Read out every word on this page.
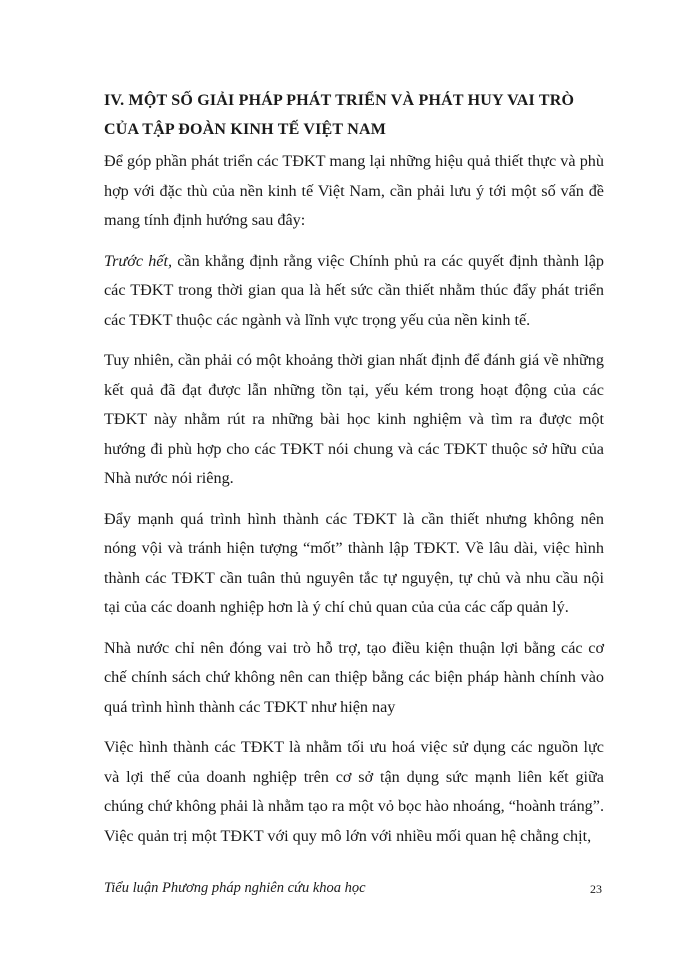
IV. MỘT SỐ GIẢI PHÁP PHÁT TRIỂN VÀ PHÁT HUY VAI TRÒ
CỦA TẬP ĐOÀN KINH TẾ VIỆT NAM

Để góp phần phát triển các TĐKT mang lại những hiệu quả thiết thực và phù hợp với đặc thù của nền kinh tế Việt Nam, cần phải lưu ý tới một số vấn đề mang tính định hướng sau đây:

Trước hết, cần khẳng định rằng việc Chính phủ ra các quyết định thành lập các TĐKT trong thời gian qua là hết sức cần thiết nhằm thúc đẩy phát triển các TĐKT thuộc các ngành và lĩnh vực trọng yếu của nền kinh tế.

Tuy nhiên, cần phải có một khoảng thời gian nhất định để đánh giá về những kết quả đã đạt được lẫn những tồn tại, yếu kém trong hoạt động của các TĐKT này nhằm rút ra những bài học kinh nghiệm và tìm ra được một hướng đi phù hợp cho các TĐKT nói chung và các TĐKT thuộc sở hữu của Nhà nước nói riêng.

Đẩy mạnh quá trình hình thành các TĐKT là cần thiết nhưng không nên nóng vội và tránh hiện tượng “mốt” thành lập TĐKT. Về lâu dài, việc hình thành các TĐKT cần tuân thủ nguyên tắc tự nguyện, tự chủ và nhu cầu nội tại của các doanh nghiệp hơn là ý chí chủ quan của của các cấp quản lý.

Nhà nước chỉ nên đóng vai trò hỗ trợ, tạo điều kiện thuận lợi bằng các cơ chế chính sách chứ không nên can thiệp bằng các biện pháp hành chính vào quá trình hình thành các TĐKT như hiện nay

Việc hình thành các TĐKT là nhằm tối ưu hoá việc sử dụng các nguồn lực và lợi thế của doanh nghiệp trên cơ sở tận dụng sức mạnh liên kết giữa chúng chứ không phải là nhằm tạo ra một vỏ bọc hào nhoáng, “hoành tráng”. Việc quản trị một TĐKT với quy mô lớn với nhiều mối quan hệ chằng chịt,

Tiểu luận Phương pháp nghiên cứu khoa học	23
